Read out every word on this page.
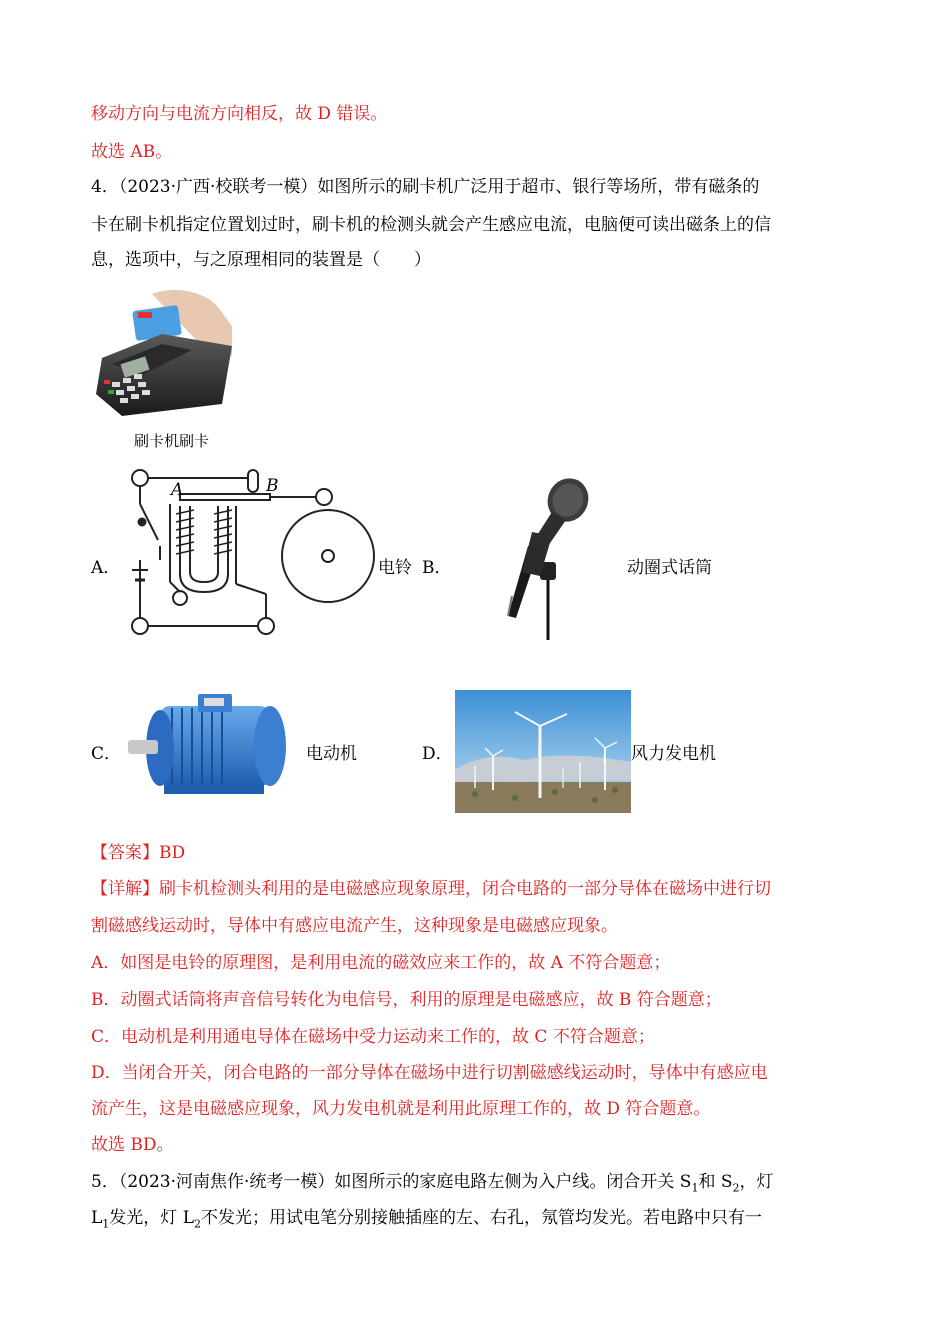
移动方向与电流方向相反，故 D 错误。
故选 AB。
4．（2023·广西·校联考一模）如图所示的刷卡机广泛用于超市、银行等场所，带有磁条的
卡在刷卡机指定位置划过时，刷卡机的检测头就会产生感应电流，电脑便可读出磁条上的信
息，选项中，与之原理相同的装置是（　　）
刷卡机刷卡
A．
A	B
电铃 B．	动圈式话筒
C．	电动机	D．	风力发电机
【答案】BD
【详解】刷卡机检测头利用的是电磁感应现象原理，闭合电路的一部分导体在磁场中进行切
割磁感线运动时，导体中有感应电流产生，这种现象是电磁感应现象。
A．如图是电铃的原理图，是利用电流的磁效应来工作的，故 A 不符合题意；
B．动圈式话筒将声音信号转化为电信号，利用的原理是电磁感应，故 B 符合题意；
C．电动机是利用通电导体在磁场中受力运动来工作的，故 C 不符合题意；
D．当闭合开关，闭合电路的一部分导体在磁场中进行切割磁感线运动时，导体中有感应电
流产生，这是电磁感应现象，风力发电机就是利用此原理工作的，故 D 符合题意。
故选 BD。
5．（2023·河南焦作·统考一模）如图所示的家庭电路左侧为入户线。闭合开关 $S_1$和 $S_2$，灯
$L_1$发光，灯 $L_2$不发光；用试电笔分别接触插座的左、右孔，氖管均发光。若电路中只有一
